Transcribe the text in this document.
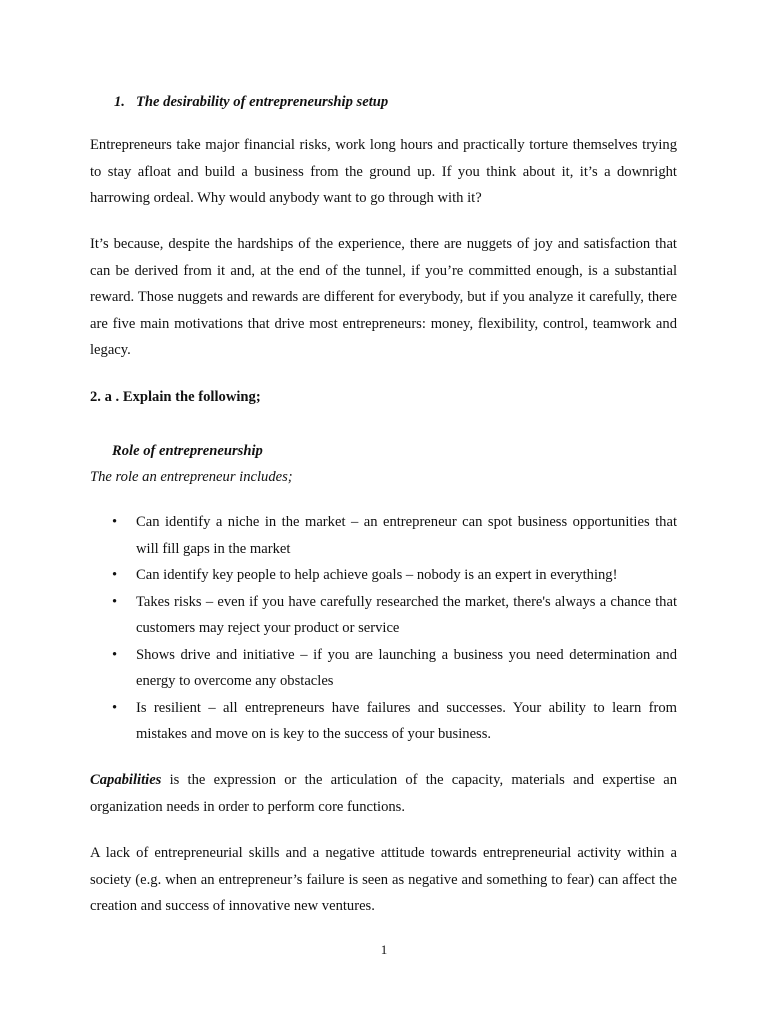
1. The desirability of entrepreneurship setup

Entrepreneurs take major financial risks, work long hours and practically torture themselves trying to stay afloat and build a business from the ground up. If you think about it, it’s a downright harrowing ordeal. Why would anybody want to go through with it?

It’s because, despite the hardships of the experience, there are nuggets of joy and satisfaction that can be derived from it and, at the end of the tunnel, if you’re committed enough, is a substantial reward. Those nuggets and rewards are different for everybody, but if you analyze it carefully, there are five main motivations that drive most entrepreneurs: money, flexibility, control, teamwork and legacy.

2. a . Explain the following;

Role of entrepreneurship

The role an entrepreneur includes;

• Can identify a niche in the market – an entrepreneur can spot business opportunities that will fill gaps in the market
• Can identify key people to help achieve goals – nobody is an expert in everything!
• Takes risks – even if you have carefully researched the market, there's always a chance that customers may reject your product or service
• Shows drive and initiative – if you are launching a business you need determination and energy to overcome any obstacles
• Is resilient – all entrepreneurs have failures and successes. Your ability to learn from mistakes and move on is key to the success of your business.

Capabilities is the expression or the articulation of the capacity, materials and expertise an organization needs in order to perform core functions.

A lack of entrepreneurial skills and a negative attitude towards entrepreneurial activity within a society (e.g. when an entrepreneur’s failure is seen as negative and something to fear) can affect the creation and success of innovative new ventures.

1
